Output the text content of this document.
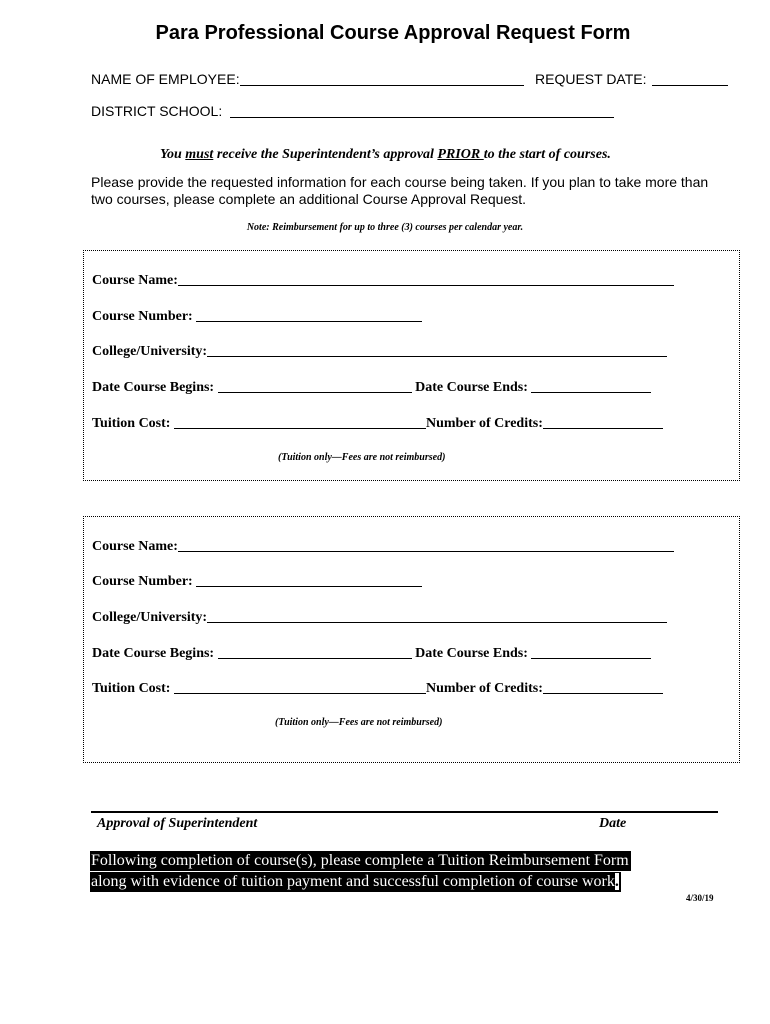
Para Professional Course Approval Request Form
NAME OF EMPLOYEE:	REQUEST DATE:
DISTRICT SCHOOL:
You must receive the Superintendent’s approval PRIOR to the start of courses.
Please provide the requested information for each course being taken. If you plan to take more than two courses, please complete an additional Course Approval Request.
Note: Reimbursement for up to three (3) courses per calendar year.
Course Name:
Course Number:
College/University:
Date Course Begins:	Date Course Ends:
Tuition Cost:	Number of Credits:
(Tuition only—Fees are not reimbursed)
Course Name:
Course Number:
College/University:
Date Course Begins:	Date Course Ends:
Tuition Cost:	Number of Credits:
(Tuition only—Fees are not reimbursed)
Approval of Superintendent	Date
Following completion of course(s), please complete a Tuition Reimbursement Form
along with evidence of tuition payment and successful completion of course work.
4/30/19
